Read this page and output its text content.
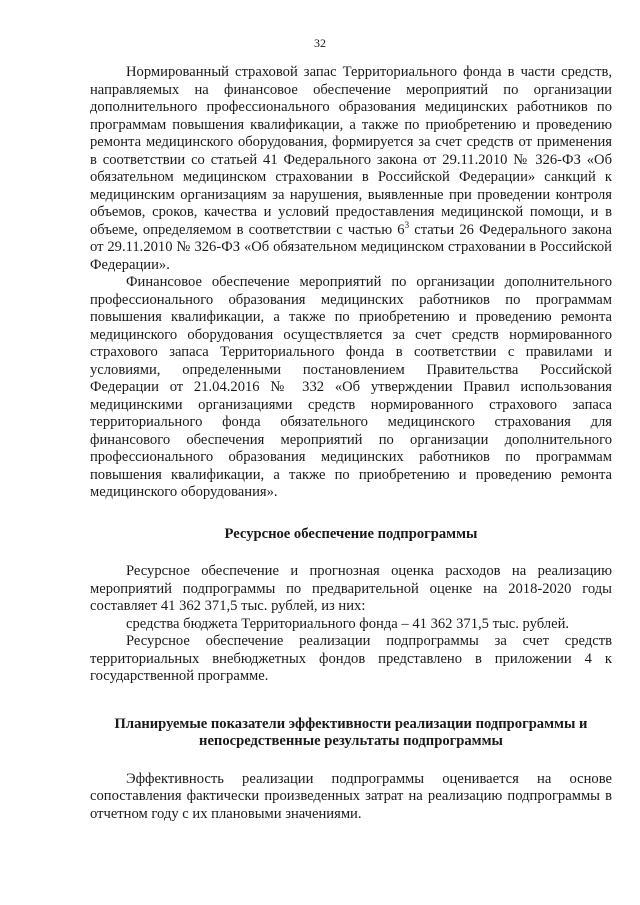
32

Нормированный страховой запас Территориального фонда в части средств, направляемых на финансовое обеспечение мероприятий по организации дополнительного профессионального образования медицинских работников по программам повышения квалификации, а также по приобретению и проведению ремонта медицинского оборудования, формируется за счет средств от применения в соответствии со статьей 41 Федерального закона от 29.11.2010 № 326-ФЗ «Об обязательном медицинском страховании в Российской Федерации» санкций к медицинским организациям за нарушения, выявленные при проведении контроля объемов, сроков, качества и условий предоставления медицинской помощи, и в объеме, определяемом в соответствии с частью $6^3$ статьи 26 Федерального закона от 29.11.2010 № 326-ФЗ «Об обязательном медицинском страховании в Российской Федерации».

Финансовое обеспечение мероприятий по организации дополнительного профессионального образования медицинских работников по программам повышения квалификации, а также по приобретению и проведению ремонта медицинского оборудования осуществляется за счет средств нормированного страхового запаса Территориального фонда в соответствии с правилами и условиями, определенными постановлением Правительства Российской Федерации от 21.04.2016 № 332 «Об утверждении Правил использования медицинскими организациями средств нормированного страхового запаса территориального фонда обязательного медицинского страхования для финансового обеспечения мероприятий по организации дополнительного профессионального образования медицинских работников по программам повышения квалификации, а также по приобретению и проведению ремонта медицинского оборудования».

Ресурсное обеспечение подпрограммы

Ресурсное обеспечение и прогнозная оценка расходов на реализацию мероприятий подпрограммы по предварительной оценке на 2018-2020 годы составляет 41 362 371,5 тыс. рублей, из них:

средства бюджета Территориального фонда – 41 362 371,5 тыс. рублей.

Ресурсное обеспечение реализации подпрограммы за счет средств территориальных внебюджетных фондов представлено в приложении 4 к государственной программе.

Планируемые показатели эффективности реализации подпрограммы и непосредственные результаты подпрограммы

Эффективность реализации подпрограммы оценивается на основе сопоставления фактически произведенных затрат на реализацию подпрограммы в отчетном году с их плановыми значениями.
